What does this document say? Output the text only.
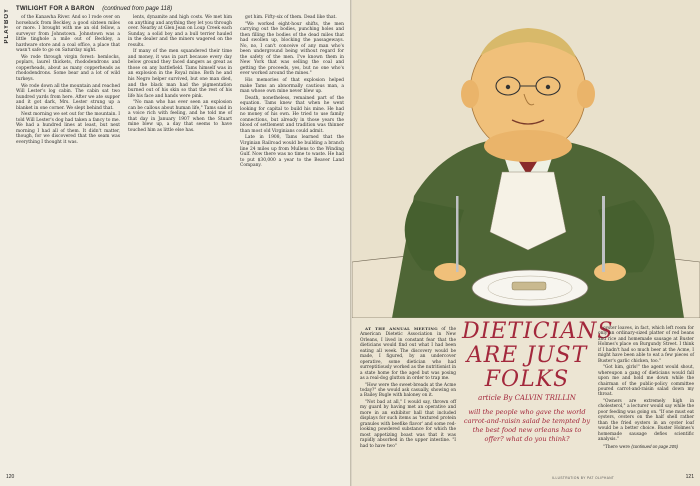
PLAYBOY TWILIGHT FOR A BARON (continued from page 118)

of the Kanawha River. And so I rode over on horseback from Beckley, a good sixteen miles or more. I brought with me an old fellow, a surveyor from Johnstown. Johnstown was a little tinghole a mile out of Beckley, a hardware store and a coal office, a place that wasn't safe to go on Saturday night.

We rode through virgin forest: hemlocks, poplars, laurel thickets, rhododendrons and copperheads, about as many copperheads as rhododendrons. Some bear and a lot of wild turkeys.

We rode down all the mountain and reached Will Lester's log cabin. The cabin sat two hundred yards from here. After we ate supper and it got dark, Mrs. Lester strung up a blanket in one corner. We slept behind that.

Next morning we set out for the mountain. I told Will Lester's dog had taken a fancy to me. We had a hundred lines at least, but next morning I had all of them. It didn't matter, though, for we discovered that the seam was everything I thought it was.

lents, dynamite and high costs. We met him on anything and anything they let you through over. Nearby at Glen Jean on Loup Creek each Sunday, a solid boy and a bull terrier hauled in the dealer and the miners wagered on the results.

If many of the men squandered their time and money, it was in part because every day below ground they faced dangers as great as those on any battlefield. Tams himself was in an explosion in the Royal mine. Both he and his Negro helper survived, but one man died, and the black man had the pigmentation burned out of his skin so that the rest of his life his face and hands were pink.

"No man who has ever seen an explosion can be callous about human life," Tams said in a voice rich with feeling, and he told me of that day in January 1907 when the Stuart mine blew up, a day that seems to have touched him as little else has.

got him. Fifty-six of them. Dead like that.

"We worked eight-hour shifts, the men carrying out the bodies, punching holes and then filling the bodies of the dead miles that had swollen up, blocking the passageways. No, no, I can't conceive of any man who's been underground being without regard for the safety of the men. I've known them in New York that was selling the coal and getting the proceeds, yes, but no one who's ever worked around the mines."

His memories of that explosion helped make Tams an abnormally cautious man, a man whose own mine never blew up.

Death, nonetheless, remained part of the equation. Tams knew that when he went looking for capital to build his mine. He had no money of his own. He tried to use family connections, but already in those years the blood of settlement and tradition was thinner than most old Virginians could admit.

Late in 1908, Tams learned that the Virginian Railroad would be building a branch line 24 miles up from Mullens to the Winding Gulf. Now there was no time to waste. He had to put $30,000 a year to the Beaver Land Company.

120

AT THE ANNUAL MEETING of the American Dietetic Association in New Orleans, I lived in constant fear that the dieticians would find out what I had been eating all week. The discovery would be made, I figured, by an undercover operative, some dietician who had surreptitiously worked as the nutritionist in a state home for the aged but was posing as a real-dog glutton in order to trap me.

"How were the sweet-breads at the Acme today?" she would ask casually, showing on a Bailey Bugle with baloney on it.

"Not bad at all," I would say, thrown off my guard by having met an operative and more in an exhibitor hall that included displays for such items as 'textured protein granules with beefike flavor' and some red-looking powdered substance for which the most appetizing boast was that it was rapidly absorbed in the upper intestine. "I had to have two"

DIETICIANS ARE JUST FOLKS
article By CALVIN TRILLIN
will the people who gave the world carrot-and-raisin salad be tempted by the best food new orleans has to offer? what do you think?

oyster loaves, in fact, which left room for only an ordinary-sized platter of red beans and rice and homemade sausage at Buster Holmes's place on Burgundy Street. I think if I hadn't had so much beer at the Acme, I might have been able to eat a few pieces of Buster's garlic chicken, too."

"Got him, girls!" the agent would shout, whereupon a gang of dieticians would fall upon me and hold me down while the chairman of the public-policy committee poured carrot-and-raisin salad down my throat.

"Owners are extremely high in cholesterol," a lecturer would say while the poor feeding was going on. "If one must eat oysters, ovsters on the half shell rather than the fried oysters in an oyster loaf would be a better choice. Buster Holmes's homemade sausage defies scientific analysis."

"There were (continued on page 205)

ILLUSTRATION BY PAT OLIPHANT	121
